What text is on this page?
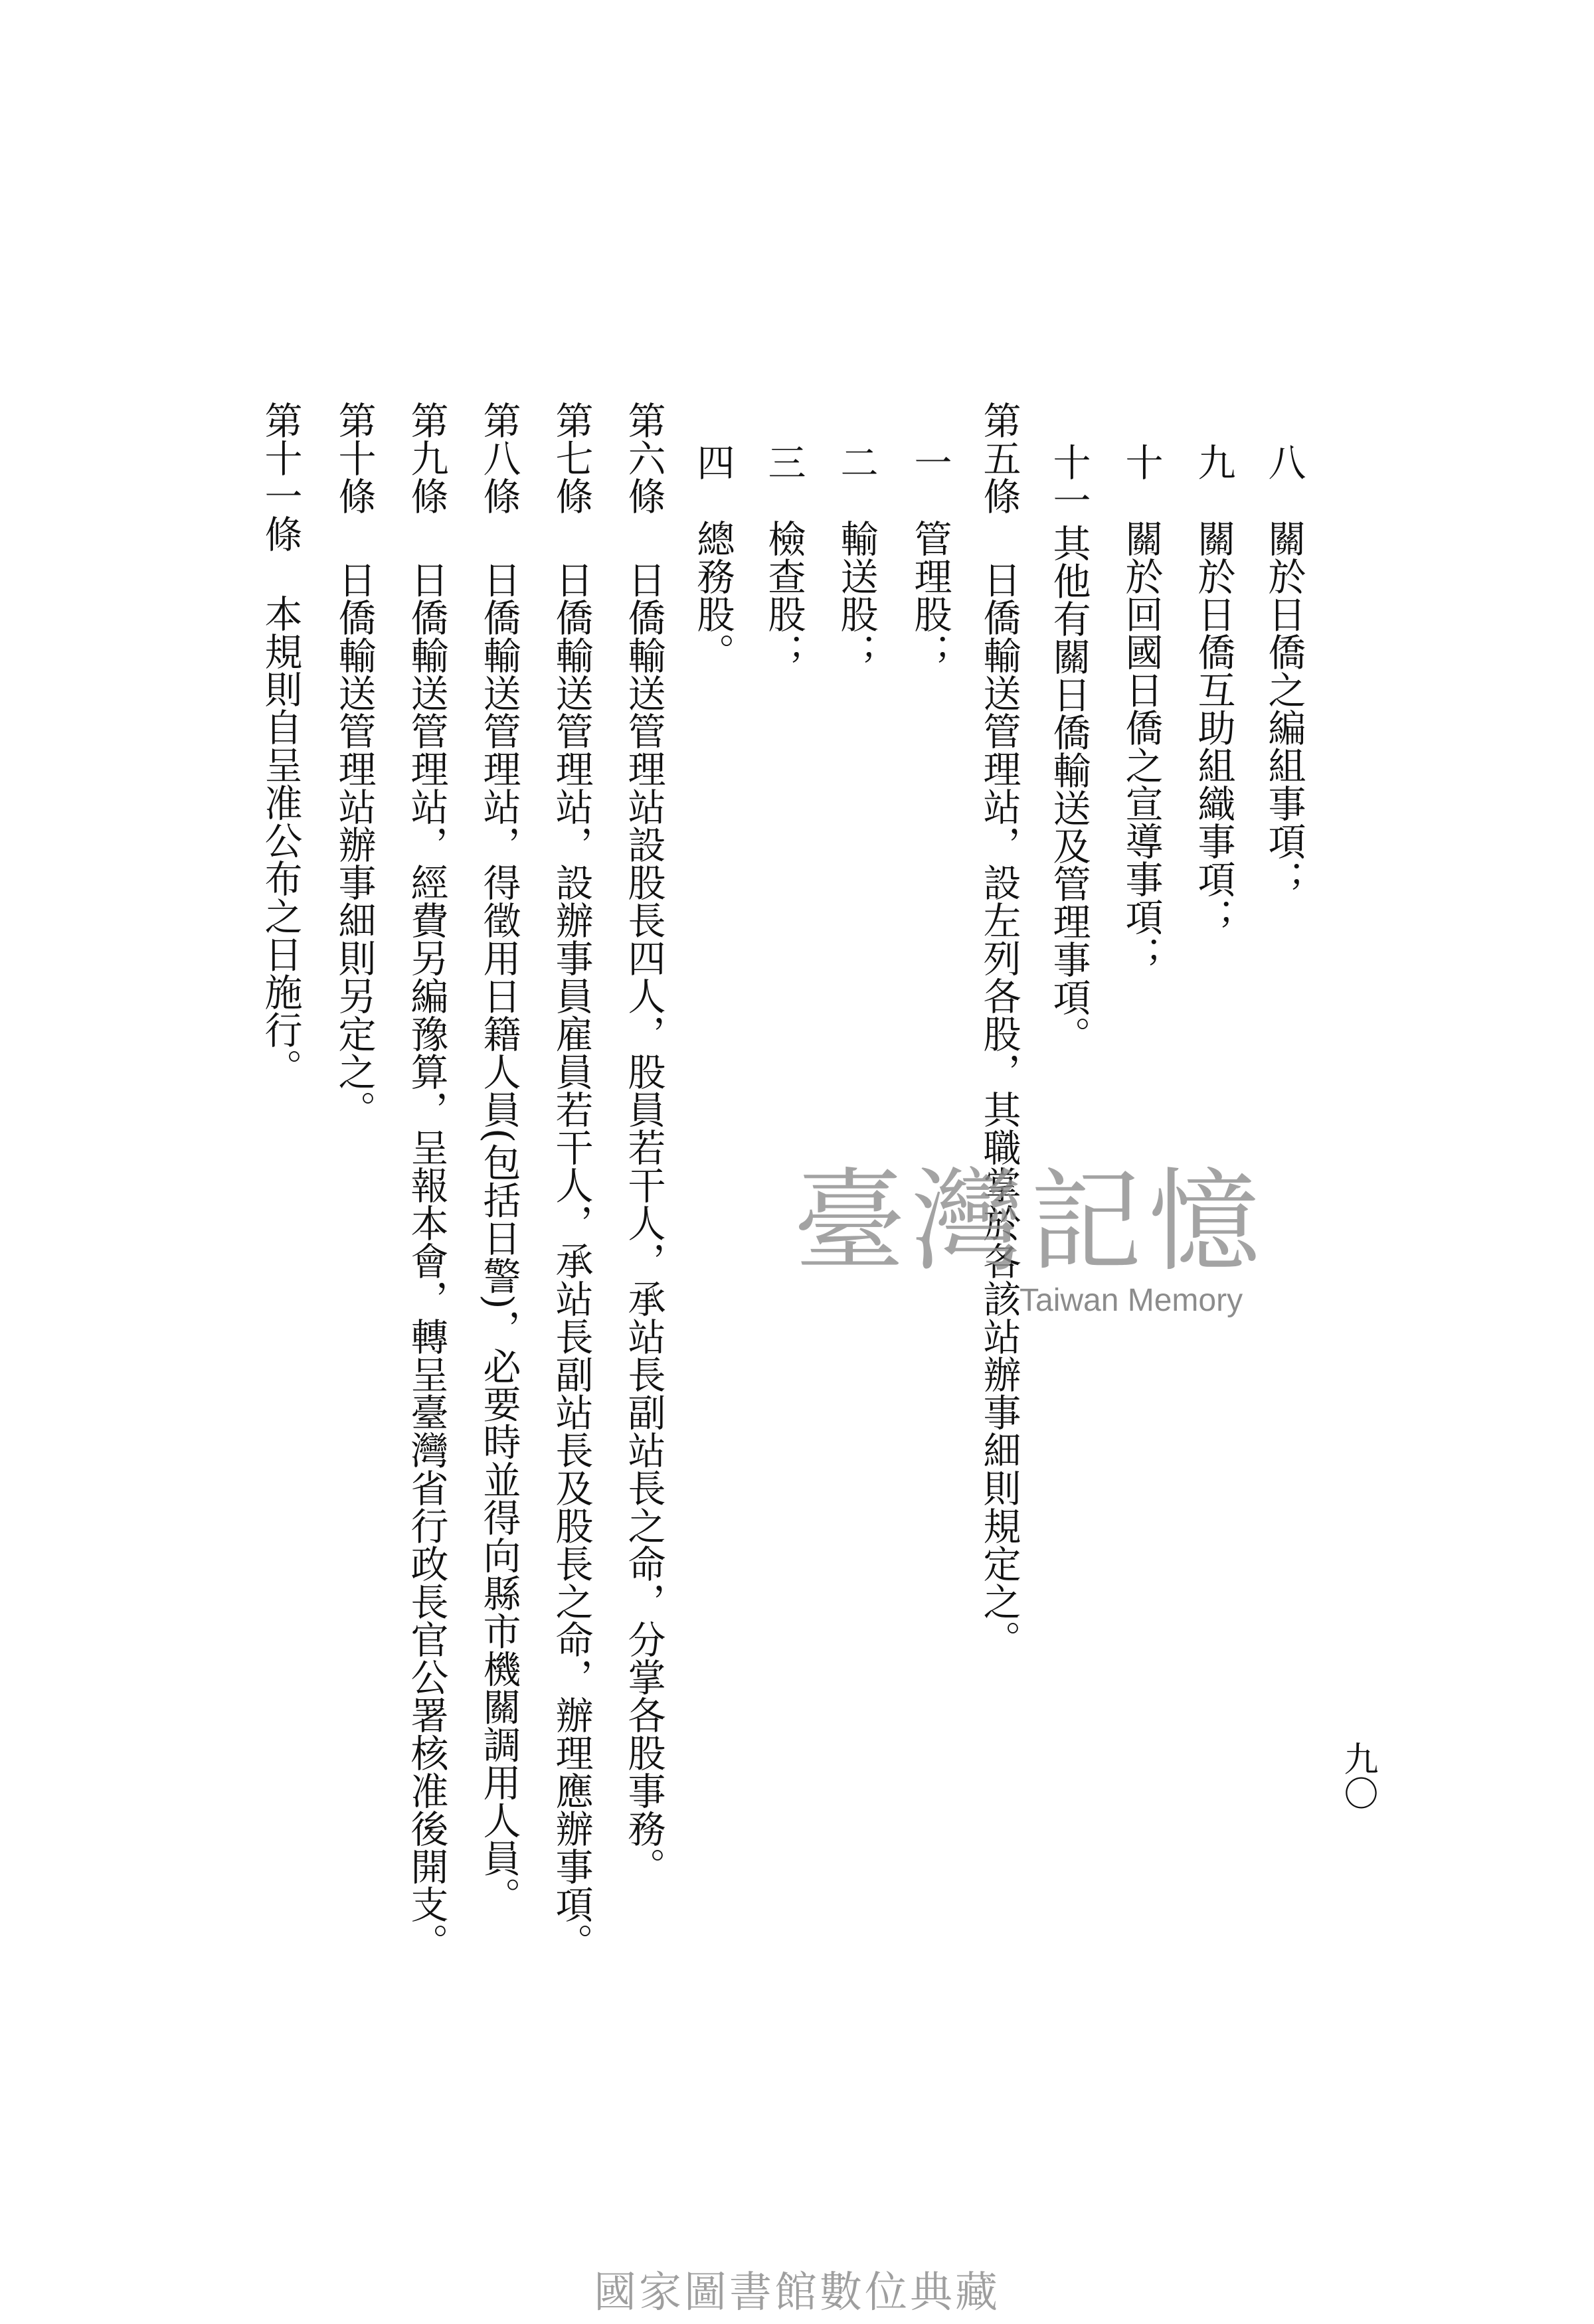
八
關於日僑之編組事項；
九
關於日僑互助組織事項；
十
關於回國日僑之宣導事項；
十一
其他有關日僑輸送及管理事項。
第五條
日僑輸送管理站，設左列各股，其職掌於各該站辦事細則規定之。
一
管理股；
二
輸送股；
三
檢查股；
四
總務股。
第六條
日僑輸送管理站設股長四人，股員若干人，承站長副站長之命，分掌各股事務。
第七條
日僑輸送管理站，設辦事員雇員若干人，承站長副站長及股長之命，辦理應辦事項。
第八條
日僑輸送管理站，得徵用日籍人員(包括日警)，必要時並得向縣市機關調用人員。
第九條
日僑輸送管理站，經費另編豫算，呈報本會，轉呈臺灣省行政長官公署核准後開支。
第十條
日僑輸送管理站辦事細則另定之。
第十一條
本規則自呈准公布之日施行。
九〇
臺灣記憶
Taiwan Memory
國家圖書館數位典藏
